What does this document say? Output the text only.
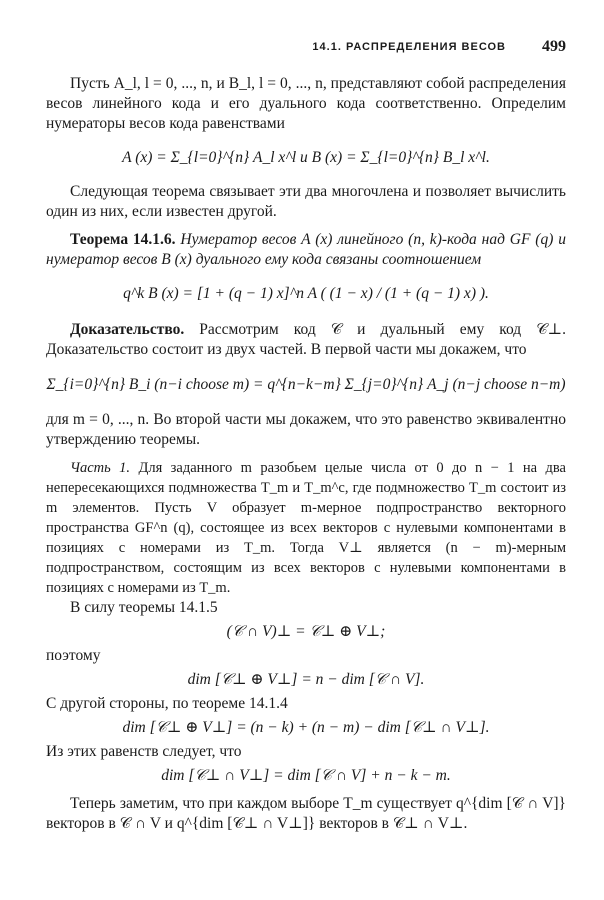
14.1. РАСПРЕДЕЛЕНИЯ ВЕСОВ 499

Пусть A_l, l = 0, ..., n, и B_l, l = 0, ..., n, представляют собой распределения весов линейного кода и его дуального кода соответственно. Определим нумераторы весов кода равенствами

A (x) = Σ_{l=0}^{n} A_l x^l и B (x) = Σ_{l=0}^{n} B_l x^l.

Следующая теорема связывает эти два многочлена и позволяет вычислить один из них, если известен другой.

Теорема 14.1.6. Нумератор весов A (x) линейного (n, k)-кода над GF (q) и нумератор весов B (x) дуального ему кода связаны соотношением

q^k B (x) = [1 + (q − 1) x]^n A ( (1 − x) / (1 + (q − 1) x) ).

Доказательство. Рассмотрим код 𝒞 и дуальный ему код 𝒞⊥. Доказательство состоит из двух частей. В первой части мы докажем, что

Σ_{i=0}^{n} B_i (n−i choose m) = q^{n−k−m} Σ_{j=0}^{n} A_j (n−j choose n−m)

для m = 0, ..., n. Во второй части мы докажем, что это равенство эквивалентно утверждению теоремы.

Часть 1. Для заданного m разобьем целые числа от 0 до n − 1 на два непересекающихся подмножества T_m и T_m^c, где подмножество T_m состоит из m элементов. Пусть V образует m-мерное подпространство векторного пространства GF^n (q), состоящее из всех векторов с нулевыми компонентами в позициях с номерами из T_m. Тогда V⊥ является (n − m)-мерным подпространством, состоящим из всех векторов с нулевыми компонентами в позициях с номерами из T_m.

В силу теоремы 14.1.5

(𝒞 ∩ V)⊥ = 𝒞⊥ ⊕ V⊥;

поэтому

dim [𝒞⊥ ⊕ V⊥] = n − dim [𝒞 ∩ V].

С другой стороны, по теореме 14.1.4

dim [𝒞⊥ ⊕ V⊥] = (n − k) + (n − m) − dim [𝒞⊥ ∩ V⊥].

Из этих равенств следует, что

dim [𝒞⊥ ∩ V⊥] = dim [𝒞 ∩ V] + n − k − m.

Теперь заметим, что при каждом выборе T_m существует q^{dim [𝒞 ∩ V]} векторов в 𝒞 ∩ V и q^{dim [𝒞⊥ ∩ V⊥]} векторов в 𝒞⊥ ∩ V⊥.
